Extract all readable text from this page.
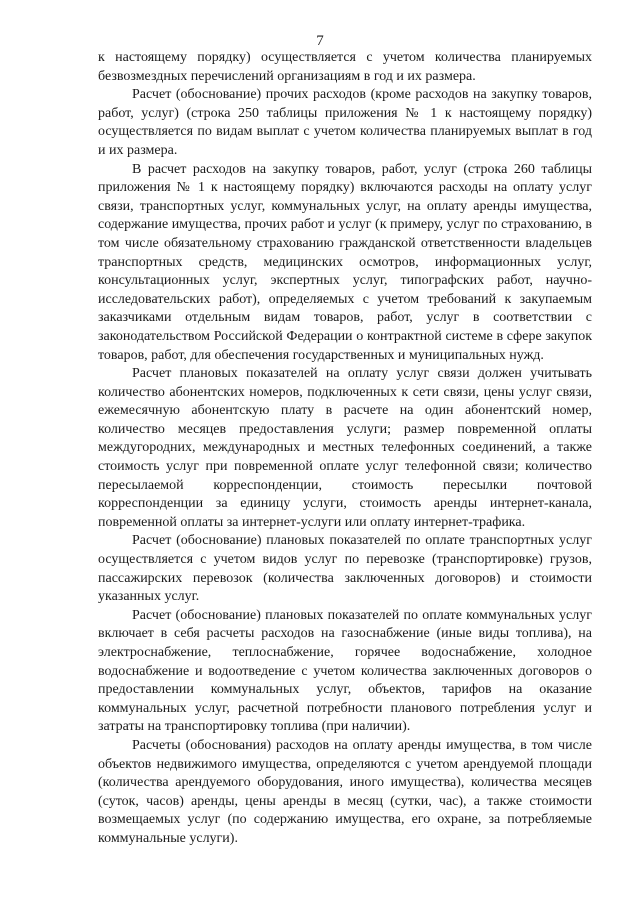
7

к настоящему порядку) осуществляется с учетом количества планируемых безвозмездных перечислений организациям в год и их размера.

Расчет (обоснование) прочих расходов (кроме расходов на закупку товаров, работ, услуг) (строка 250 таблицы приложения № 1 к настоящему порядку) осуществляется по видам выплат с учетом количества планируемых выплат в год и их размера.

В расчет расходов на закупку товаров, работ, услуг (строка 260 таблицы приложения № 1 к настоящему порядку) включаются расходы на оплату услуг связи, транспортных услуг, коммунальных услуг, на оплату аренды имущества, содержание имущества, прочих работ и услуг (к примеру, услуг по страхованию, в том числе обязательному страхованию гражданской ответственности владельцев транспортных средств, медицинских осмотров, информационных услуг, консультационных услуг, экспертных услуг, типографских работ, научно-исследовательских работ), определяемых с учетом требований к закупаемым заказчиками отдельным видам товаров, работ, услуг в соответствии с законодательством Российской Федерации о контрактной системе в сфере закупок товаров, работ, для обеспечения государственных и муниципальных нужд.

Расчет плановых показателей на оплату услуг связи должен учитывать количество абонентских номеров, подключенных к сети связи, цены услуг связи, ежемесячную абонентскую плату в расчете на один абонентский номер, количество месяцев предоставления услуги; размер повременной оплаты междугородних, международных и местных телефонных соединений, а также стоимость услуг при повременной оплате услуг телефонной связи; количество пересылаемой корреспонденции, стоимость пересылки почтовой корреспонденции за единицу услуги, стоимость аренды интернет-канала, повременной оплаты за интернет-услуги или оплату интернет-трафика.

Расчет (обоснование) плановых показателей по оплате транспортных услуг осуществляется с учетом видов услуг по перевозке (транспортировке) грузов, пассажирских перевозок (количества заключенных договоров) и стоимости указанных услуг.

Расчет (обоснование) плановых показателей по оплате коммунальных услуг включает в себя расчеты расходов на газоснабжение (иные виды топлива), на электроснабжение, теплоснабжение, горячее водоснабжение, холодное водоснабжение и водоотведение с учетом количества заключенных договоров о предоставлении коммунальных услуг, объектов, тарифов на оказание коммунальных услуг, расчетной потребности планового потребления услуг и затраты на транспортировку топлива (при наличии).

Расчеты (обоснования) расходов на оплату аренды имущества, в том числе объектов недвижимого имущества, определяются с учетом арендуемой площади (количества арендуемого оборудования, иного имущества), количества месяцев (суток, часов) аренды, цены аренды в месяц (сутки, час), а также стоимости возмещаемых услуг (по содержанию имущества, его охране, за потребляемые коммунальные услуги).
